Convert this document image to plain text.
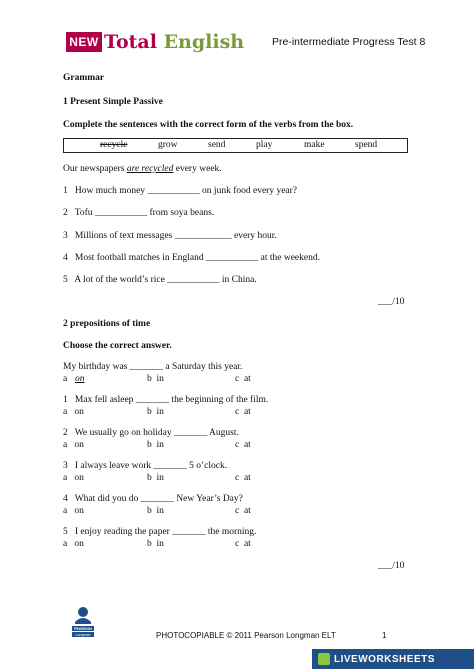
NEW Total English	Pre-intermediate Progress Test 8
Grammar
1 Present Simple Passive
Complete the sentences with the correct form of the verbs from the box.
recycle	grow	send	play	make	spend
Our newspapers are recycled every week.
1   How much money ___________ on junk food every year?
2   Tofu ___________ from soya beans.
3   Millions of text messages ____________ every hour.
4   Most football matches in England ___________ at the weekend.
5   A lot of the world’s rice ___________ in China.
___/10
2 prepositions of time
Choose the correct answer.
My birthday was _______ a Saturday this year.
a on	b  in	c  at
1   Max fell asleep _______ the beginning of the film.
a   on	b  in	c  at
2   We usually go on holiday _______ August.
a   on	b  in	c  at
3   I always leave work _______ 5 o’clock.
a   on	b  in	c  at
4   What did you do _______ New Year’s Day?
a   on	b  in	c  at
5   I enjoy reading the paper _______ the morning.
a   on	b  in	c  at
___/10
PEARSON
Longman	PHOTOCOPIABLE © 2011 Pearson Longman ELT	1
LIVEWORKSHEETS
